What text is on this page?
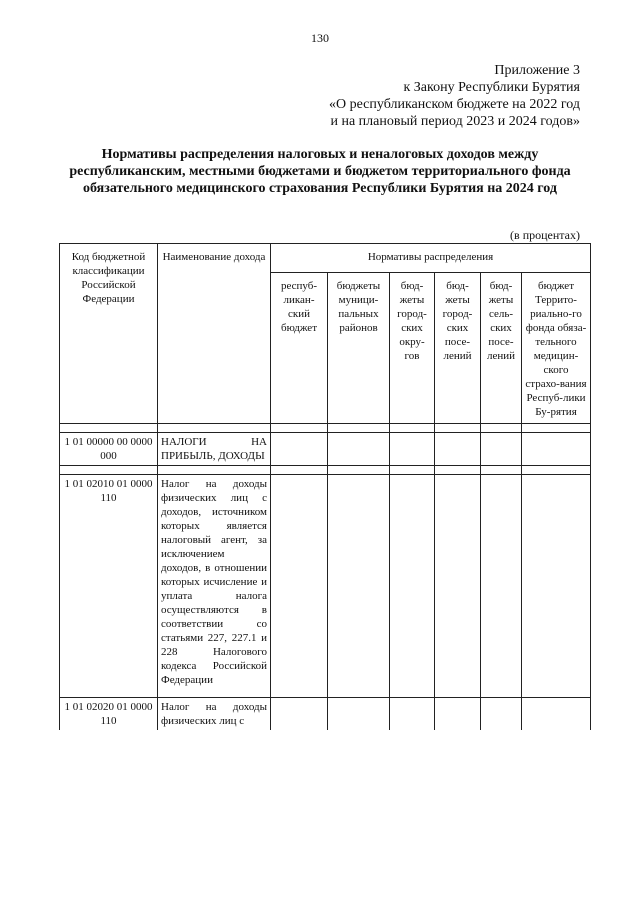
130
Приложение 3
к Закону Республики Бурятия
«О республиканском бюджете на 2022 год
и на плановый период 2023 и 2024 годов»
Нормативы распределения налоговых и неналоговых доходов между республиканским, местными бюджетами и бюджетом территориального фонда обязательного медицинского страхования Республики Бурятия на 2024 год
(в процентах)
Код бюджетной классификации Российской Федерации	Наименование дохода	Нормативы распределения					
		респуб-ликан-ский бюджет	бюджеты муници-пальных районов	бюд-жеты город-ских окру-гов	бюд-жеты город-ских посе-лений	бюд-жеты сель-ских посе-лений	бюджет Террито-риально-го фонда обяза-тельного медицин-ского страхо-вания Респуб-лики Бу-рятия

1 01 00000 00 0000 000	НАЛОГИ НА ПРИБЫЛЬ, ДОХОДЫ						

1 01 02010 01 0000 110	Налог на доходы физических лиц с доходов, источником которых является налоговый агент, за исключением доходов, в отношении которых исчисление и уплата налога осуществляются в соответствии со статьями 227, 227.1 и 228 Налогового кодекса Российской Федерации						
1 01 02020 01 0000 110	Налог на доходы физических лиц с						
